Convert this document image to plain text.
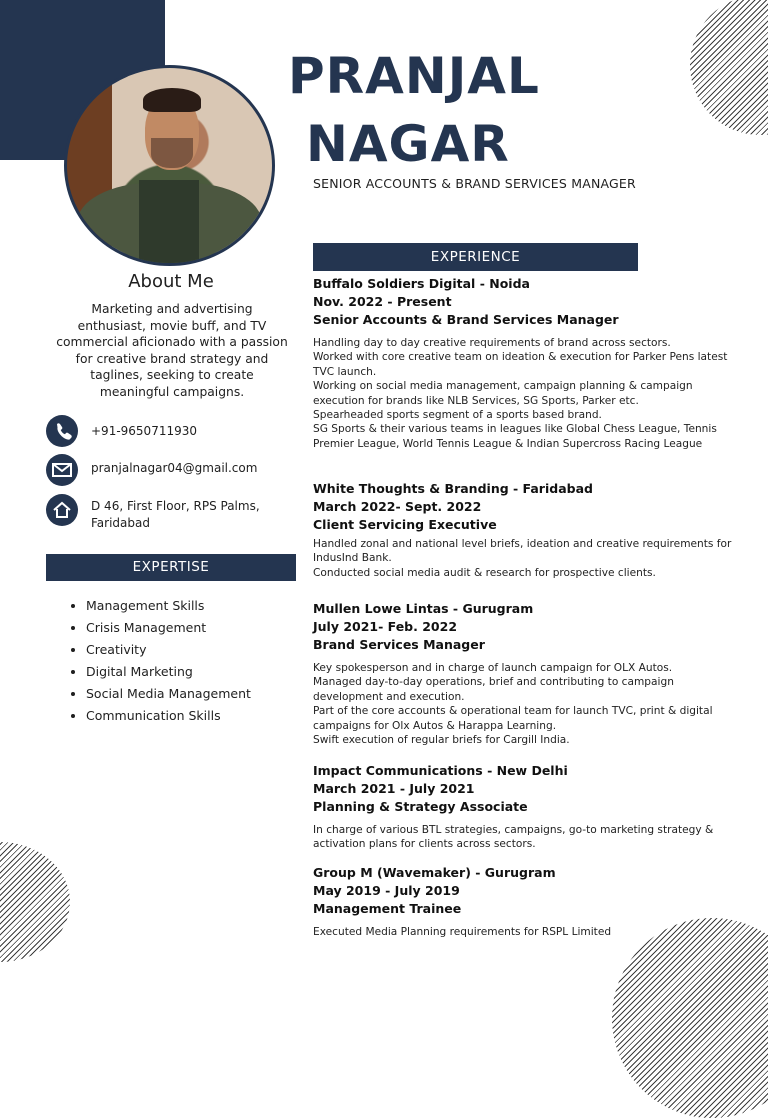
PRANJAL
NAGAR
SENIOR ACCOUNTS & BRAND SERVICES MANAGER
About Me
Marketing and advertising enthusiast, movie buff, and TV commercial aficionado with a passion for creative brand strategy and taglines, seeking to create meaningful campaigns.
+91-9650711930
pranjalnagar04@gmail.com
D 46, First Floor, RPS Palms, Faridabad
EXPERTISE
• Management Skills
• Crisis Management
• Creativity
• Digital Marketing
• Social Media Management
• Communication Skills
EXPERIENCE
Buffalo Soldiers Digital - Noida
Nov. 2022 - Present
Senior Accounts & Brand Services Manager
Handling day to day creative requirements of brand across sectors.
Worked with core creative team on ideation & execution for Parker Pens latest TVC launch.
Working on social media management, campaign planning & campaign execution for brands like NLB Services, SG Sports, Parker etc.
Spearheaded sports segment of a sports based brand.
SG Sports & their various teams in leagues like Global Chess League, Tennis Premier League, World Tennis League & Indian Supercross Racing League
White Thoughts & Branding - Faridabad
March 2022- Sept. 2022
Client Servicing Executive
Handled zonal and national level briefs, ideation and creative requirements for IndusInd Bank.
Conducted social media audit & research for prospective clients.
Mullen Lowe Lintas - Gurugram
July 2021- Feb. 2022
Brand Services Manager
Key spokesperson and in charge of launch campaign for OLX Autos.
Managed day-to-day operations, brief and contributing to campaign development and execution.
Part of the core accounts & operational team for launch TVC, print & digital campaigns for Olx Autos & Harappa Learning.
Swift execution of regular briefs for Cargill India.
Impact Communications - New Delhi
March 2021 - July 2021
Planning & Strategy Associate
In charge of various BTL strategies, campaigns, go-to marketing strategy & activation plans for clients across sectors.
Group M (Wavemaker) - Gurugram
May 2019 - July 2019
Management Trainee
Executed Media Planning requirements for RSPL Limited
